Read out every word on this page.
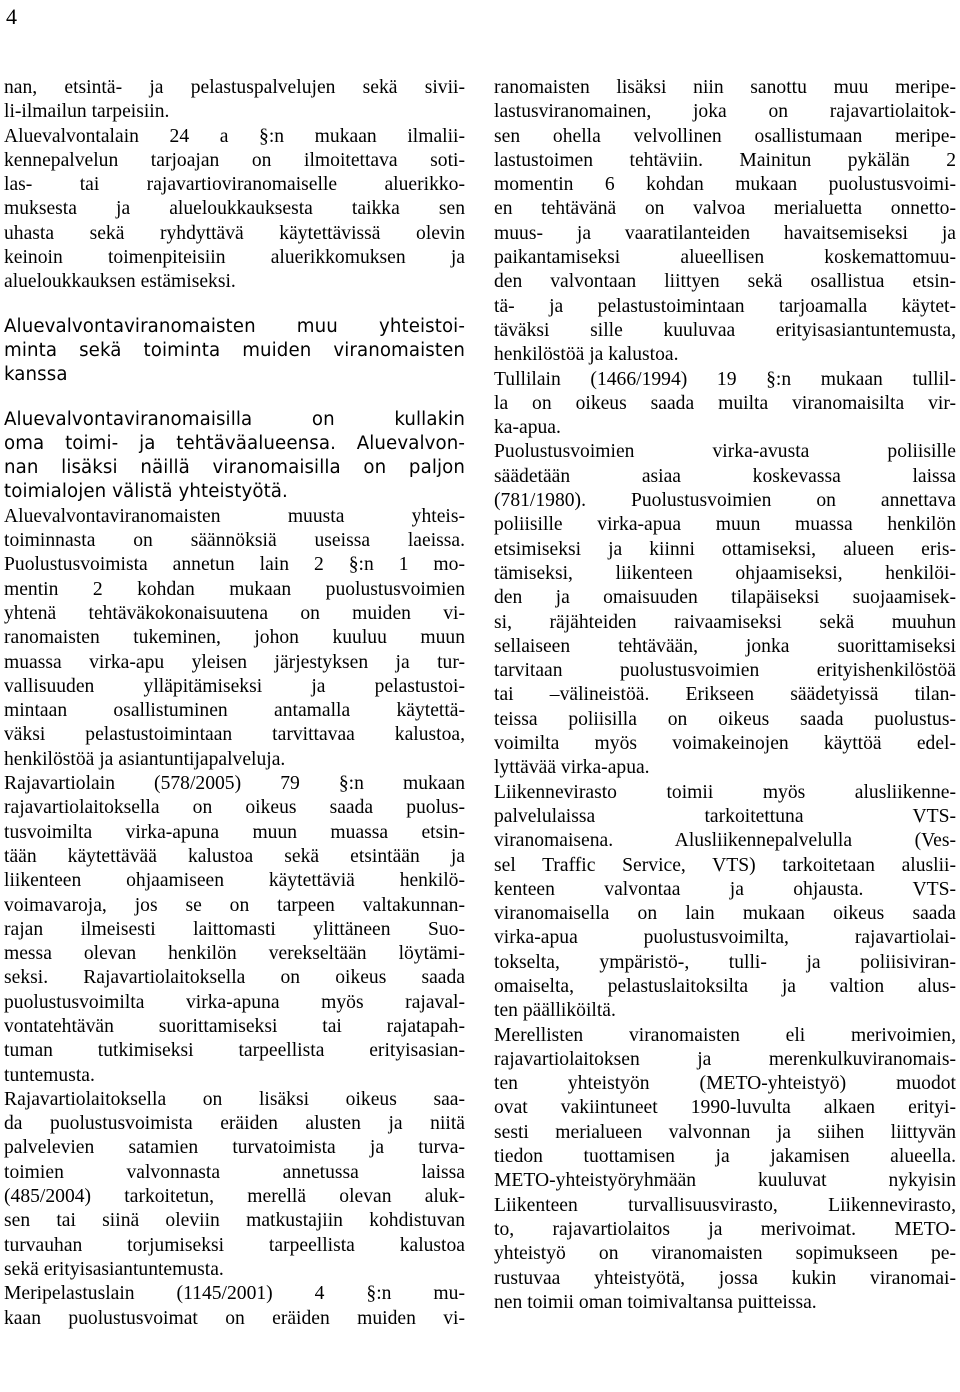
4
nan, etsintä- ja pelastuspalvelujen sekä sivii-
li-ilmailun tarpeisiin.
Aluevalvontalain 24 a §:n mukaan ilmalii-
kennepalvelun tarjoajan on ilmoitettava soti-
las- tai rajavartioviranomaiselle aluerikko-
muksesta ja alueloukkauksesta taikka sen
uhasta sekä ryhdyttävä käytettävissä olevin
keinoin toimenpiteisiin aluerikkomuksen ja
alueloukkauksen estämiseksi.
Aluevalvontaviranomaisten muu yhteistoi-
minta sekä toiminta muiden viranomaisten
kanssa
Aluevalvontaviranomaisilla on kullakin
oma toimi- ja tehtäväalueensa. Aluevalvon-
nan lisäksi näillä viranomaisilla on paljon
toimialojen välistä yhteistyötä.
Aluevalvontaviranomaisten muusta yhteis-
toiminnasta on säännöksiä useissa laeissa.
Puolustusvoimista annetun lain 2 §:n 1 mo-
mentin 2 kohdan mukaan puolustusvoimien
yhtenä tehtäväkokonaisuutena on muiden vi-
ranomaisten tukeminen, johon kuuluu muun
muassa virka-apu yleisen järjestyksen ja tur-
vallisuuden ylläpitämiseksi ja pelastustoi-
mintaan osallistuminen antamalla käytettä-
väksi pelastustoimintaan tarvittavaa kalustoa,
henkilöstöä ja asiantuntijapalveluja.
Rajavartiolain (578/2005) 79 §:n mukaan
rajavartiolaitoksella on oikeus saada puolus-
tusvoimilta virka-apuna muun muassa etsin-
tään käytettävää kalustoa sekä etsintään ja
liikenteen ohjaamiseen käytettäviä henkilö-
voimavaroja, jos se on tarpeen valtakunnan-
rajan ilmeisesti laittomasti ylittäneen Suo-
messa olevan henkilön verekseltään löytämi-
seksi. Rajavartiolaitoksella on oikeus saada
puolustusvoimilta virka-apuna myös rajaval-
vontatehtävän suorittamiseksi tai rajatapah-
tuman tutkimiseksi tarpeellista erityisasian-
tuntemusta.
Rajavartiolaitoksella on lisäksi oikeus saa-
da puolustusvoimista eräiden alusten ja niitä
palvelevien satamien turvatoimista ja turva-
toimien valvonnasta annetussa laissa
(485/2004) tarkoitetun, merellä olevan aluk-
sen tai siinä oleviin matkustajiin kohdistuvan
turvauhan torjumiseksi tarpeellista kalustoa
sekä erityisasiantuntemusta.
Meripelastuslain (1145/2001) 4 §:n mu-
kaan puolustusvoimat on eräiden muiden vi-
ranomaisten lisäksi niin sanottu muu meripe-
lastusviranomainen, joka on rajavartiolaitok-
sen ohella velvollinen osallistumaan meripe-
lastustoimen tehtäviin. Mainitun pykälän 2
momentin 6 kohdan mukaan puolustusvoimi-
en tehtävänä on valvoa merialuetta onnetto-
muus- ja vaaratilanteiden havaitsemiseksi ja
paikantamiseksi alueellisen koskemattomuu-
den valvontaan liittyen sekä osallistua etsin-
tä- ja pelastustoimintaan tarjoamalla käytet-
täväksi sille kuuluvaa erityisasiantuntemusta,
henkilöstöä ja kalustoa.
Tullilain (1466/1994) 19 §:n mukaan tullil-
la on oikeus saada muilta viranomaisilta vir-
ka-apua.
Puolustusvoimien virka-avusta poliisille
säädetään asiaa koskevassa laissa
(781/1980). Puolustusvoimien on annettava
poliisille virka-apua muun muassa henkilön
etsimiseksi ja kiinni ottamiseksi, alueen eris-
tämiseksi, liikenteen ohjaamiseksi, henkilöi-
den ja omaisuuden tilapäiseksi suojaamisek-
si, räjähteiden raivaamiseksi sekä muuhun
sellaiseen tehtävään, jonka suorittamiseksi
tarvitaan puolustusvoimien erityishenkilöstöä
tai –välineistöä. Erikseen säädetyissä tilan-
teissa poliisilla on oikeus saada puolustus-
voimilta myös voimakeinojen käyttöä edel-
lyttävää virka-apua.
Liikennevirasto toimii myös alusliikenne-
palvelulaissa tarkoitettuna VTS-
viranomaisena. Alusliikennepalvelulla (Ves-
sel Traffic Service, VTS) tarkoitetaan aluslii-
kenteen valvontaa ja ohjausta. VTS-
viranomaisella on lain mukaan oikeus saada
virka-apua puolustusvoimilta, rajavartiolai-
tokselta, ympäristö-, tulli- ja poliisiviran-
omaiselta, pelastuslaitoksilta ja valtion alus-
ten päälliköiltä.
Merellisten viranomaisten eli merivoimien,
rajavartiolaitoksen ja merenkulkuviranomais-
ten yhteistyön (METO-yhteistyö) muodot
ovat vakiintuneet 1990-luvulta alkaen erityi-
sesti merialueen valvonnan ja siihen liittyvän
tiedon tuottamisen ja jakamisen alueella.
METO-yhteistyöryhmään kuuluvat nykyisin
Liikenteen turvallisuusvirasto, Liikennevirasto,
to, rajavartiolaitos ja merivoimat. METO-
yhteistyö on viranomaisten sopimukseen pe-
rustuvaa yhteistyötä, jossa kukin viranomai-
nen toimii oman toimivaltansa puitteissa.
